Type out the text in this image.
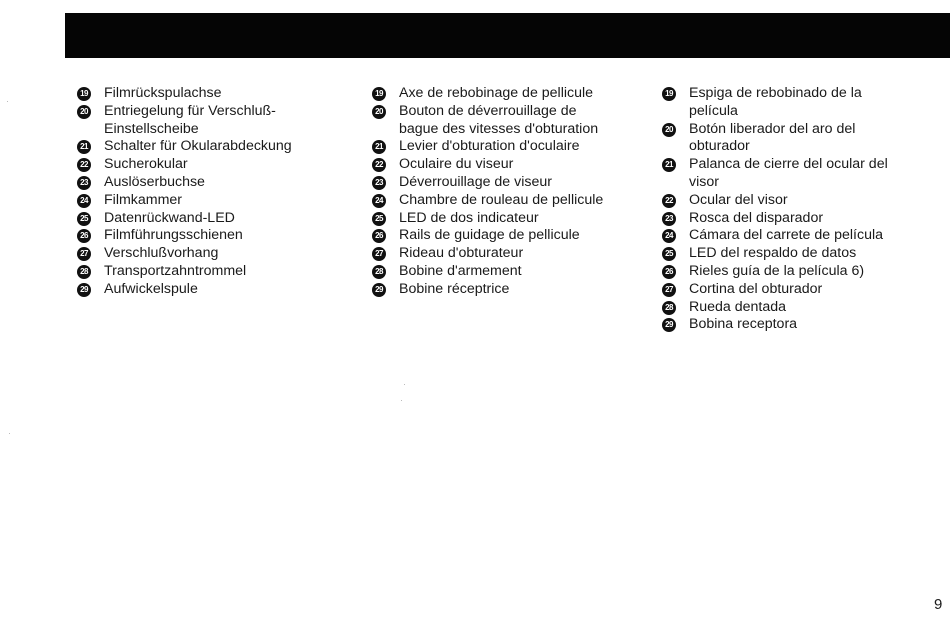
19 Filmrückspulachse
20 Entriegelung für Verschluß-
Einstellscheibe
21 Schalter für Okularabdeckung
22 Sucherokular
23 Auslöserbuchse
24 Filmkammer
25 Datenrückwand-LED
26 Filmführungsschienen
27 Verschlußvorhang
28 Transportzahntrommel
29 Aufwickelspule
19 Axe de rebobinage de pellicule
20 Bouton de déverrouillage de
bague des vitesses d'obturation
21 Levier d'obturation d'oculaire
22 Oculaire du viseur
23 Déverrouillage de viseur
24 Chambre de rouleau de pellicule
25 LED de dos indicateur
26 Rails de guidage de pellicule
27 Rideau d'obturateur
28 Bobine d'armement
29 Bobine réceptrice
19 Espiga de rebobinado de la
película
20 Botón liberador del aro del
obturador
21 Palanca de cierre del ocular del
visor
22 Ocular del visor
23 Rosca del disparador
24 Cámara del carrete de película
25 LED del respaldo de datos
26 Rieles guía de la película 6)
27 Cortina del obturador
28 Rueda dentada
29 Bobina receptora
9
